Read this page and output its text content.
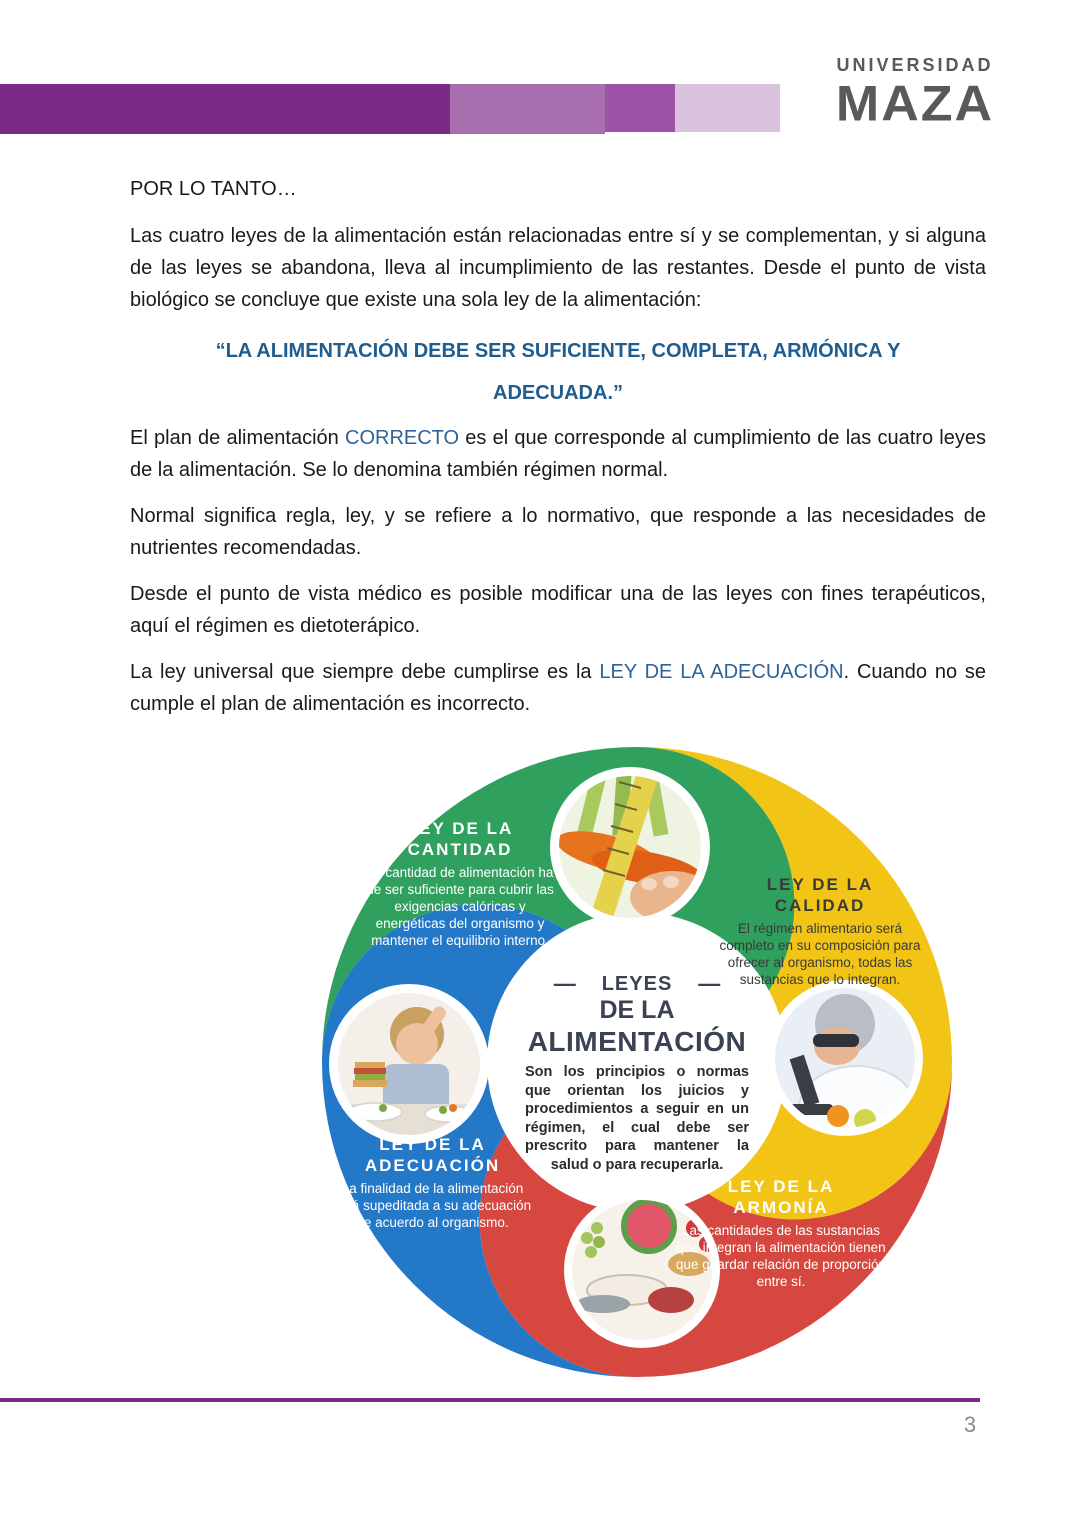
UNIVERSIDAD
MAZA
POR LO TANTO…

Las cuatro leyes de la alimentación están relacionadas entre sí y se complementan, y si alguna de las leyes se abandona, lleva al incumplimiento de las restantes. Desde el punto de vista biológico se concluye que existe una sola ley de la alimentación:

“LA ALIMENTACIÓN DEBE SER SUFICIENTE, COMPLETA, ARMÓNICA Y
ADECUADA.”

El plan de alimentación CORRECTO es el que corresponde al cumplimiento de las cuatro leyes de la alimentación. Se lo denomina también régimen normal.

Normal significa regla, ley, y se refiere a lo normativo, que responde a las necesidades de nutrientes recomendadas.

Desde el punto de vista médico es posible modificar una de las leyes con fines terapéuticos, aquí el régimen es dietoterápico.

La ley universal que siempre debe cumplirse es la LEY DE LA ADECUACIÓN. Cuando no se cumple el plan de alimentación es incorrecto.

LEY DE LA
CANTIDAD
La cantidad de alimentación ha de ser suficiente para cubrir las exigencias calóricas y energéticas del organismo y mantener el equilibrio interno.
LEY DE LA
CALIDAD
El régimen alimentario será completo en su composición para ofrecer al organismo, todas las sustancias que lo integran.
LEY DE LA
ADECUACIÓN
La finalidad de la alimentación está supeditada a su adecuación de acuerdo al organismo.
LEY DE LA
ARMONÍA
Las cantidades de las sustancias que integran la alimentación tienen que guardar relación de proporción entre sí.
— LEYES —
DE LA
ALIMENTACIÓN
Son los principios o normas que orientan los juicios y procedimientos a seguir en un régimen, el cual debe ser prescrito para mantener la salud o para recuperarla.
3
